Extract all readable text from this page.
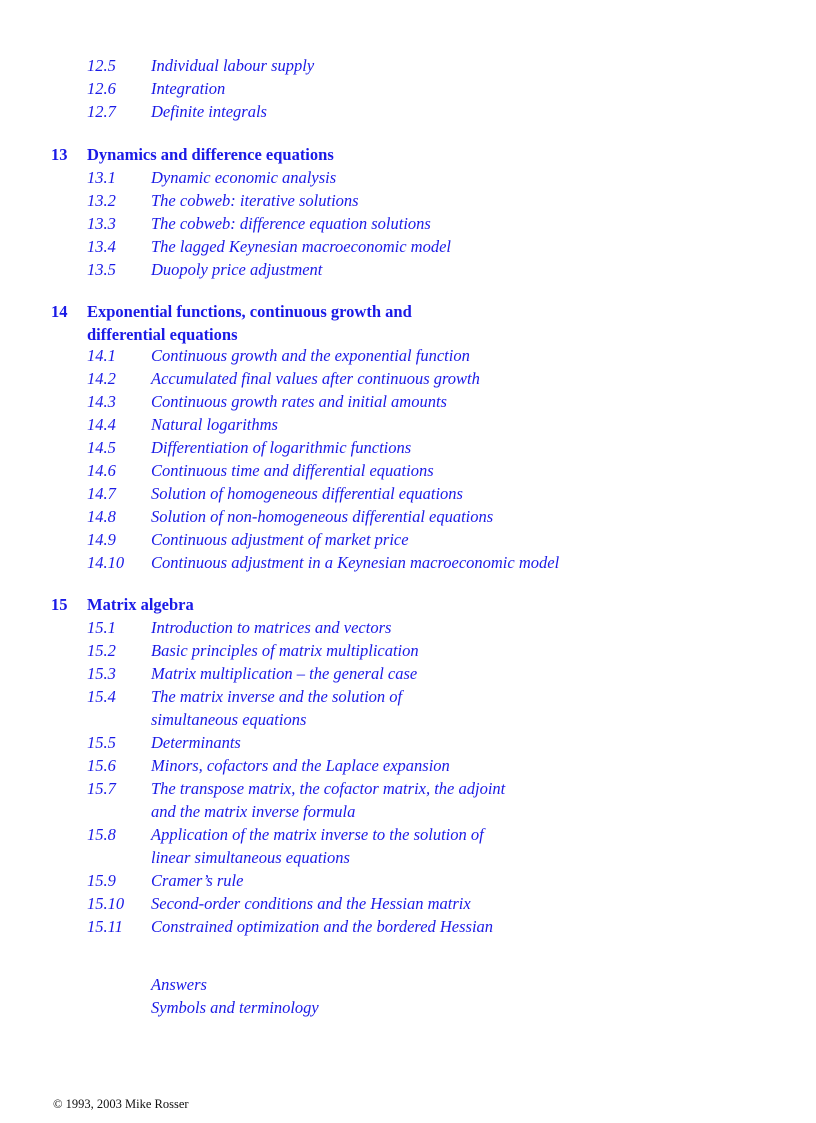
12.5 Individual labour supply
12.6 Integration
12.7 Definite integrals
13 Dynamics and difference equations
13.1 Dynamic economic analysis
13.2 The cobweb: iterative solutions
13.3 The cobweb: difference equation solutions
13.4 The lagged Keynesian macroeconomic model
13.5 Duopoly price adjustment
14 Exponential functions, continuous growth and
differential equations
14.1 Continuous growth and the exponential function
14.2 Accumulated final values after continuous growth
14.3 Continuous growth rates and initial amounts
14.4 Natural logarithms
14.5 Differentiation of logarithmic functions
14.6 Continuous time and differential equations
14.7 Solution of homogeneous differential equations
14.8 Solution of non-homogeneous differential equations
14.9 Continuous adjustment of market price
14.10 Continuous adjustment in a Keynesian macroeconomic model
15 Matrix algebra
15.1 Introduction to matrices and vectors
15.2 Basic principles of matrix multiplication
15.3 Matrix multiplication – the general case
15.4 The matrix inverse and the solution of
simultaneous equations
15.5 Determinants
15.6 Minors, cofactors and the Laplace expansion
15.7 The transpose matrix, the cofactor matrix, the adjoint
and the matrix inverse formula
15.8 Application of the matrix inverse to the solution of
linear simultaneous equations
15.9 Cramer’s rule
15.10 Second-order conditions and the Hessian matrix
15.11 Constrained optimization and the bordered Hessian
Answers
Symbols and terminology
© 1993, 2003 Mike Rosser
